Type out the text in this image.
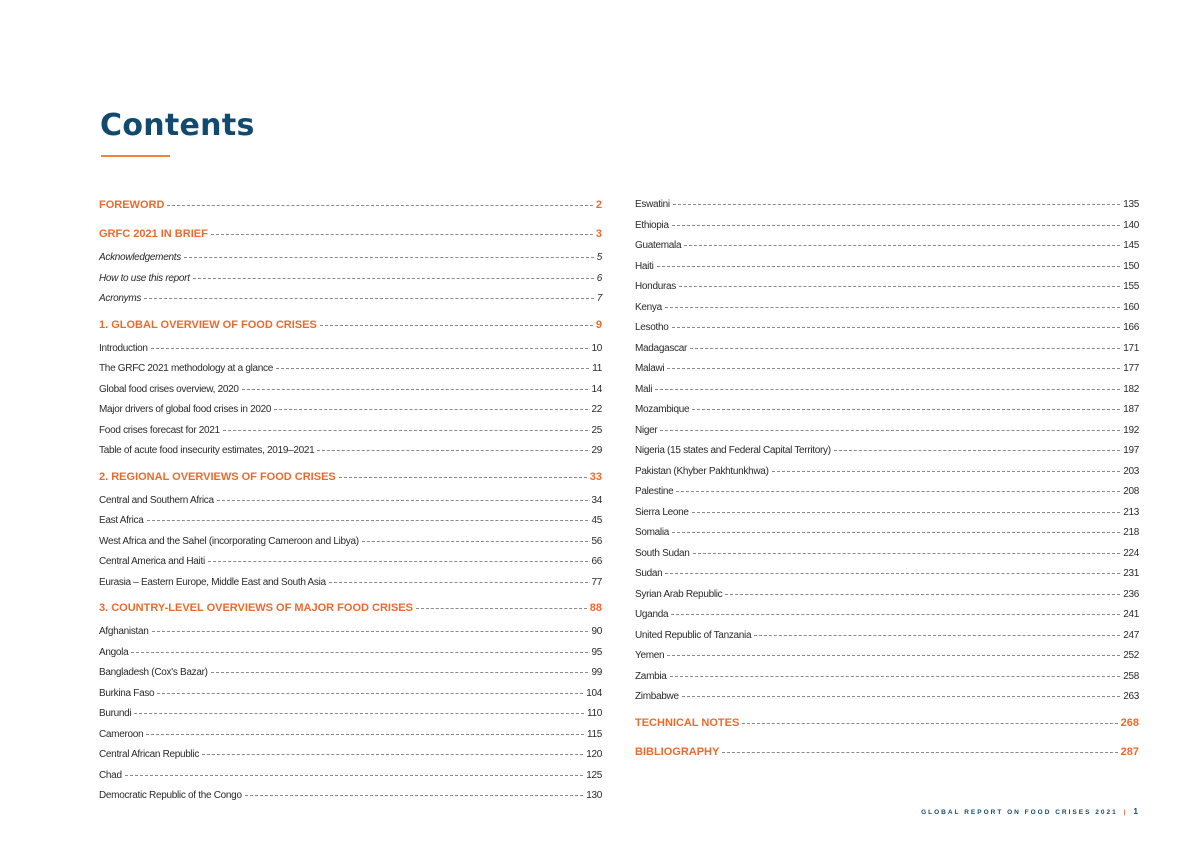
Contents
FOREWORD	2
GRFC 2021 IN BRIEF	3
Acknowledgements	5
How to use this report	6
Acronyms	7
1. GLOBAL OVERVIEW OF FOOD CRISES	9
Introduction	10
The GRFC 2021 methodology at a glance	11
Global food crises overview, 2020	14
Major drivers of global food crises in 2020	22
Food crises forecast for 2021	25
Table of acute food insecurity estimates, 2019–2021	29
2. REGIONAL OVERVIEWS OF FOOD CRISES	33
Central and Southern Africa	34
East Africa	45
West Africa and the Sahel (incorporating Cameroon and Libya)	56
Central America and Haiti	66
Eurasia – Eastern Europe, Middle East and South Asia	77
3. COUNTRY-LEVEL OVERVIEWS OF MAJOR FOOD CRISES	88
Afghanistan	90
Angola	95
Bangladesh (Cox's Bazar)	99
Burkina Faso	104
Burundi	110
Cameroon	115
Central African Republic	120
Chad	125
Democratic Republic of the Congo	130
Eswatini	135
Ethiopia	140
Guatemala	145
Haiti	150
Honduras	155
Kenya	160
Lesotho	166
Madagascar	171
Malawi	177
Mali	182
Mozambique	187
Niger	192
Nigeria (15 states and Federal Capital Territory)	197
Pakistan (Khyber Pakhtunkhwa)	203
Palestine	208
Sierra Leone	213
Somalia	218
South Sudan	224
Sudan	231
Syrian Arab Republic	236
Uganda	241
United Republic of Tanzania	247
Yemen	252
Zambia	258
Zimbabwe	263
TECHNICAL NOTES	268
BIBLIOGRAPHY	287
GLOBAL REPORT ON FOOD CRISES 2021 | 1
